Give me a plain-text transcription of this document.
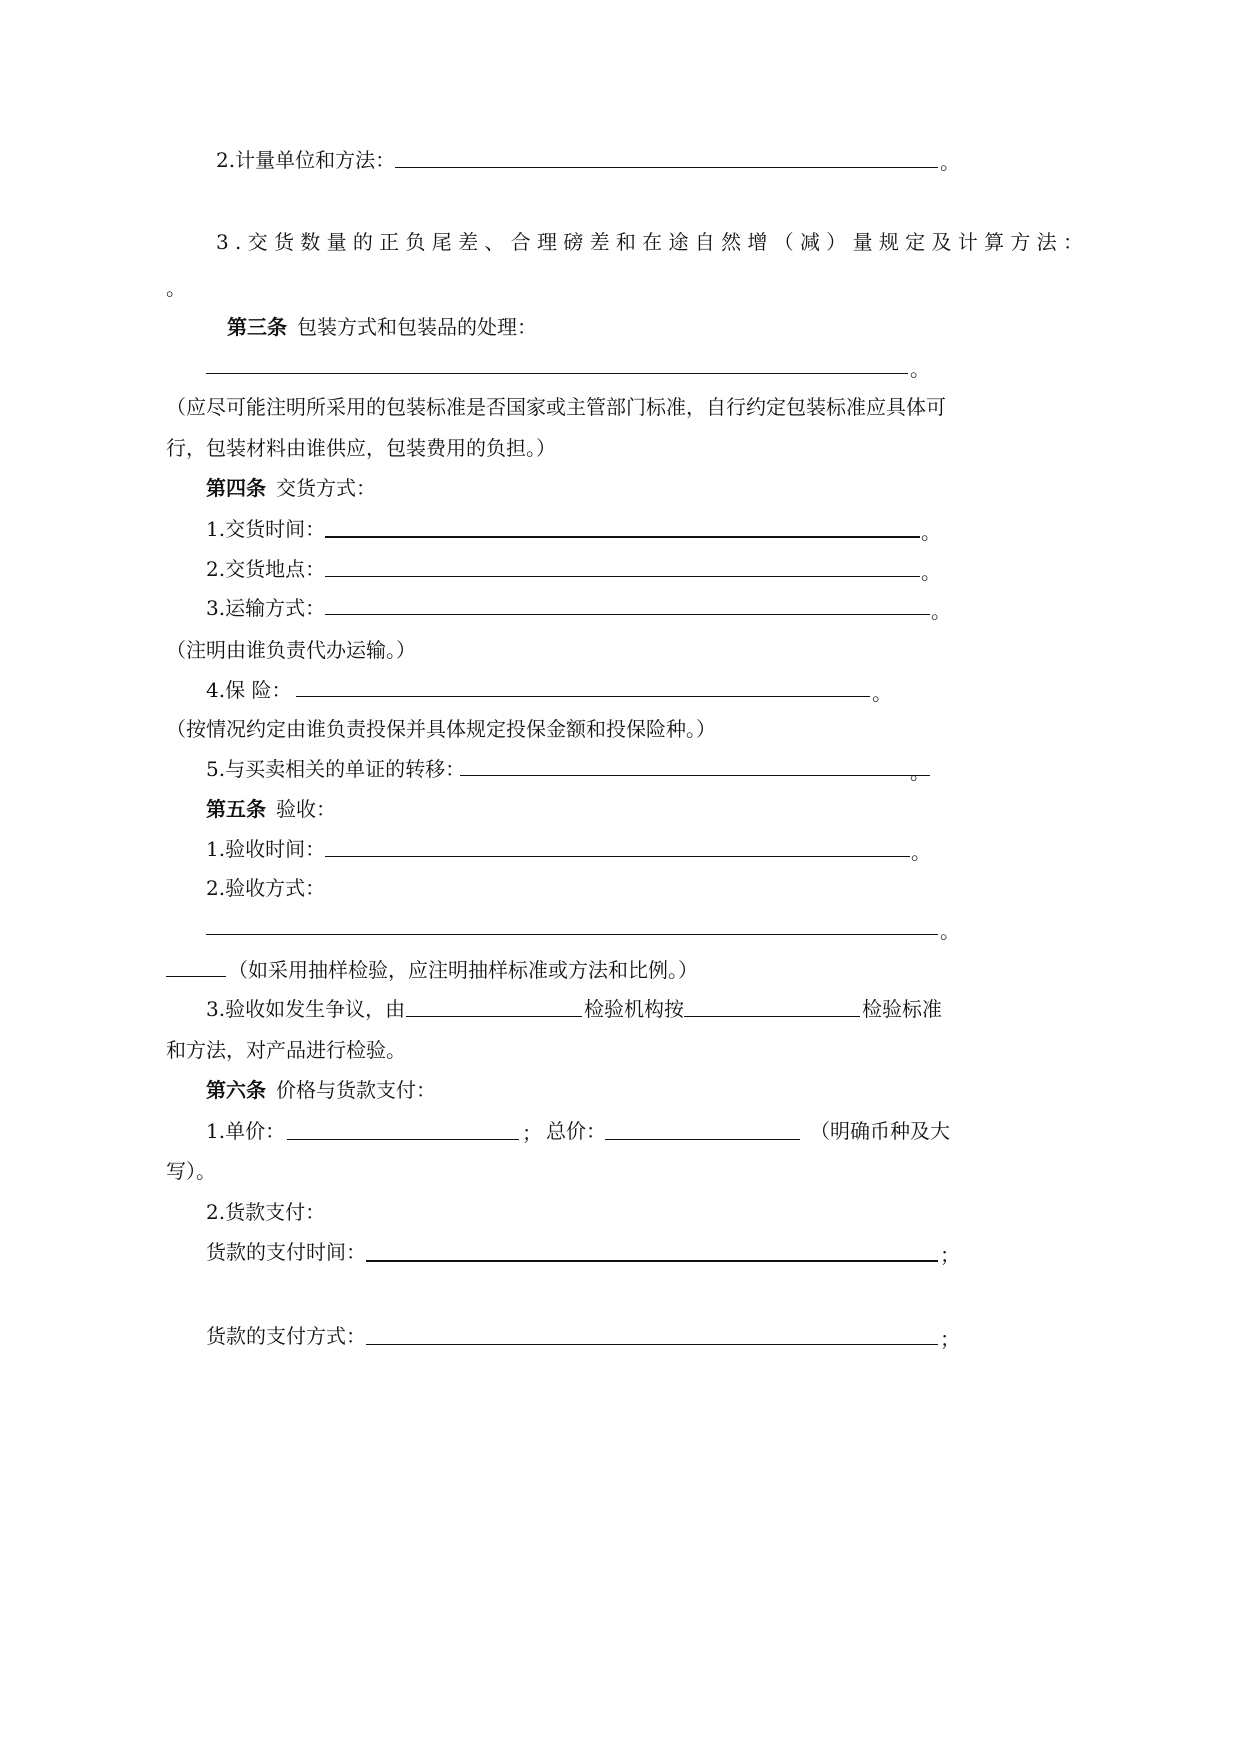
2.计量单位和方法：	。
3.交货数量的正负尾差、合理磅差和在途自然增（减）量规定及计算方法：
。
第三条 包装方式和包装品的处理：
。
（应尽可能注明所采用的包装标准是否国家或主管部门标准，自行约定包装标准应具体可
行，包装材料由谁供应，包装费用的负担。）
第四条 交货方式：
1.交货时间：	。
2.交货地点：	。
3.运输方式：	。
（注明由谁负责代办运输。）
4.保 险：	。
（按情况约定由谁负责投保并具体规定投保金额和投保险种。）
5.与买卖相关的单证的转移：	。
第五条 验收：
1.验收时间：	。
2.验收方式：
。
（如采用抽样检验，应注明抽样标准或方法和比例。）
3.验收如发生争议，由	检验机构按	检验标准
和方法，对产品进行检验。
第六条 价格与货款支付：
1.单价：	； 总价：	（明确币种及大
写）。
2.货款支付：
货款的支付时间：	；
货款的支付方式：	；
